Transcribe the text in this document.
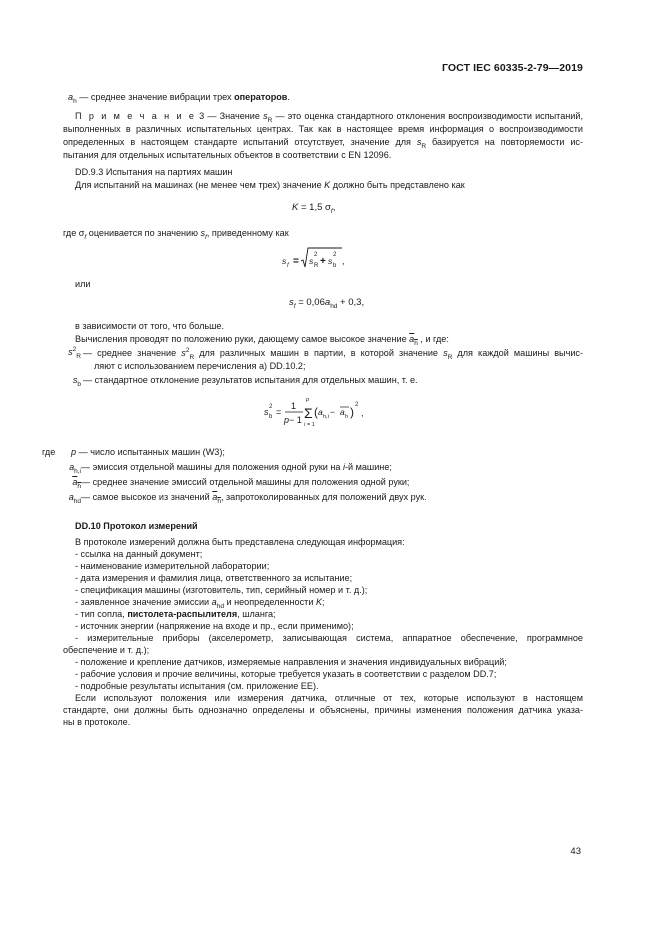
ГОСТ IEC 60335-2-79—2019
$a_h$ — среднее значение вибрации трех операторов.
П р и м е ч а н и е 3 — Значение $s_R$ — это оценка стандартного отклонения воспроизводимости испытаний,
выполненных в различных испытательных центрах. Так как в настоящее время информация о воспроизводимости
определенных в настоящем стандарте испытаний отсутствует, значение для $s_R$ базируется на повторяемости ис-
пытания для отдельных испытательных объектов в соответствии с EN 12096.
DD.9.3 Испытания на партиях машин
Для испытаний на машинах (не менее чем трех) значение K должно быть представлено как
K = 1,5 $\sigma_f$,
где $\sigma_f$ оценивается по значению $s_f$, приведенному как
s f = s
2
R + s
2
b ,
или
$s_f = 0,06a_{hd} + 0,3$,
в зависимости от того, что больше.
Вычисления проводят по положению руки, дающему самое высокое значение $a_h$ , и где:
$s^2_R$ — среднее значение $s^2_R$ для различных машин в партии, в которой значение $s_R$ для каждой машины вычис-
ляют с использованием перечисления а) DD.10.2;
$s_b$ — стандартное отклонение результатов испытания для отдельных машин, т. е.
s 2
b =
1
p − 1
p
Σ
i = 1
( a h,i − a h ) 2
,
где	p — число испытанных машин (W3);
$a_{h,i}$ — эмиссия отдельной машины для положения одной руки на i-й машине;
$a_h$ — среднее значение эмиссий отдельной машины для положения одной руки;
$a_{hd}$ — самое высокое из значений $a_h$, запротоколированных для положений двух рук.
DD.10 Протокол измерений
В протоколе измерений должна быть представлена следующая информация:
- ссылка на данный документ;
- наименование измерительной лаборатории;
- дата измерения и фамилия лица, ответственного за испытание;
- спецификация машины (изготовитель, тип, серийный номер и т. д.);
- заявленное значение эмиссии $a_{hd}$ и неопределенности K;
- тип сопла, пистолета-распылителя, шланга;
- источник энергии (напряжение на входе и пр., если применимо);
- измерительные приборы (акселерометр, записывающая система, аппаратное обеспечение, программное
обеспечение и т. д.);
- положение и крепление датчиков, измеряемые направления и значения индивидуальных вибраций;
- рабочие условия и прочие величины, которые требуется указать в соответствии с разделом DD.7;
- подробные результаты испытания (см. приложение ЕЕ).
Если используют положения или измерения датчика, отличные от тех, которые используют в настоящем
стандарте, они должны быть однозначно определены и объяснены, причины изменения положения датчика указа-
ны в протоколе.
43
